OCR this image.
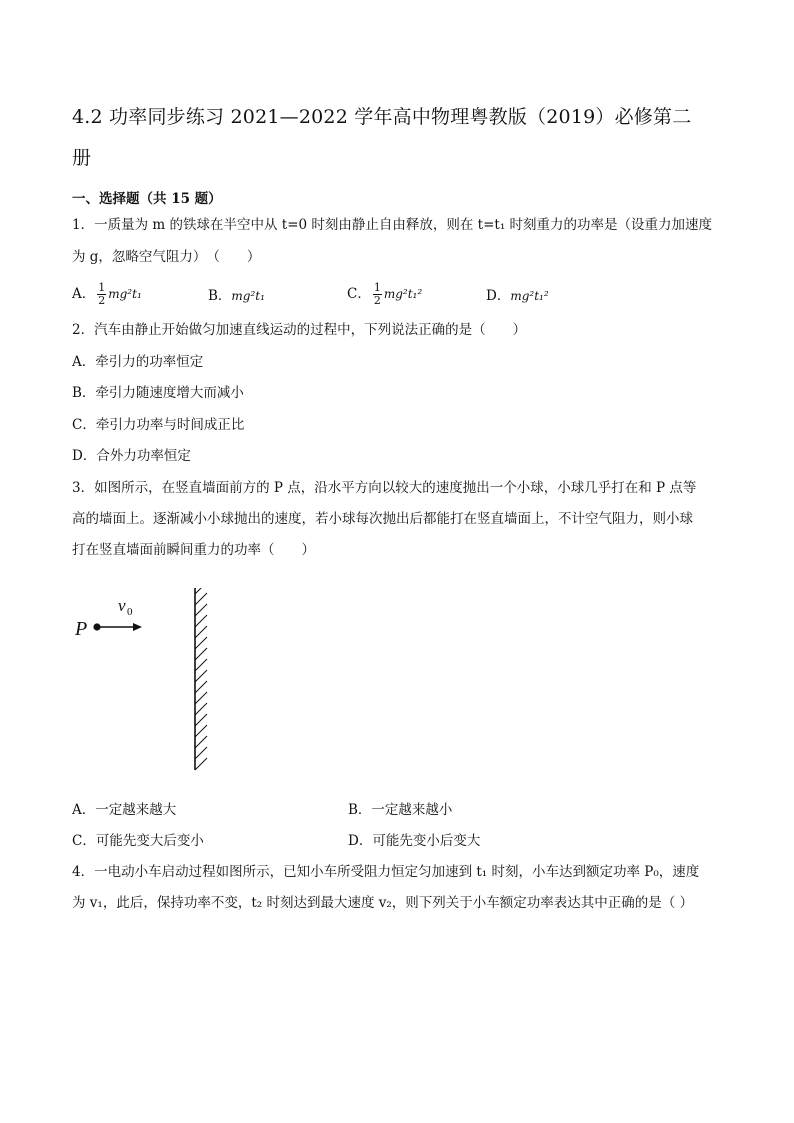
4.2 功率同步练习 2021—2022 学年高中物理粤教版（2019）必修第二
册
一、选择题（共 15 题）
1．一质量为 m 的铁球在半空中从 t=0 时刻由静止自由释放，则在 t=t₁ 时刻重力的功率是（设重力加速度
为 g，忽略空气阻力）　（　　）
A． $\frac{1}{2} mg^2t_1$	B．mg²t₁	C． $\frac{1}{2} mg^2t_1^2$	D．mg²t₁²
2．汽车由静止开始做匀加速直线运动的过程中，下列说法正确的是（　　）
A．牵引力的功率恒定
B．牵引力随速度增大而减小
C．牵引力功率与时间成正比
D．合外力功率恒定
3．如图所示，在竖直墙面前方的 P 点，沿水平方向以较大的速度抛出一个小球，小球几乎打在和 P 点等
高的墙面上。逐渐减小小球抛出的速度，若小球每次抛出后都能打在竖直墙面上，不计空气阻力，则小球
打在竖直墙面前瞬间重力的功率（　　）
P
v 0
A．一定越来越大	B．一定越来越小
C．可能先变大后变小	D．可能先变小后变大
4．一电动小车启动过程如图所示，已知小车所受阻力恒定匀加速到 t₁ 时刻，小车达到额定功率 P₀，速度
为 v₁，此后，保持功率不变，t₂ 时刻达到最大速度 v₂，则下列关于小车额定功率表达其中正确的是（ ）
